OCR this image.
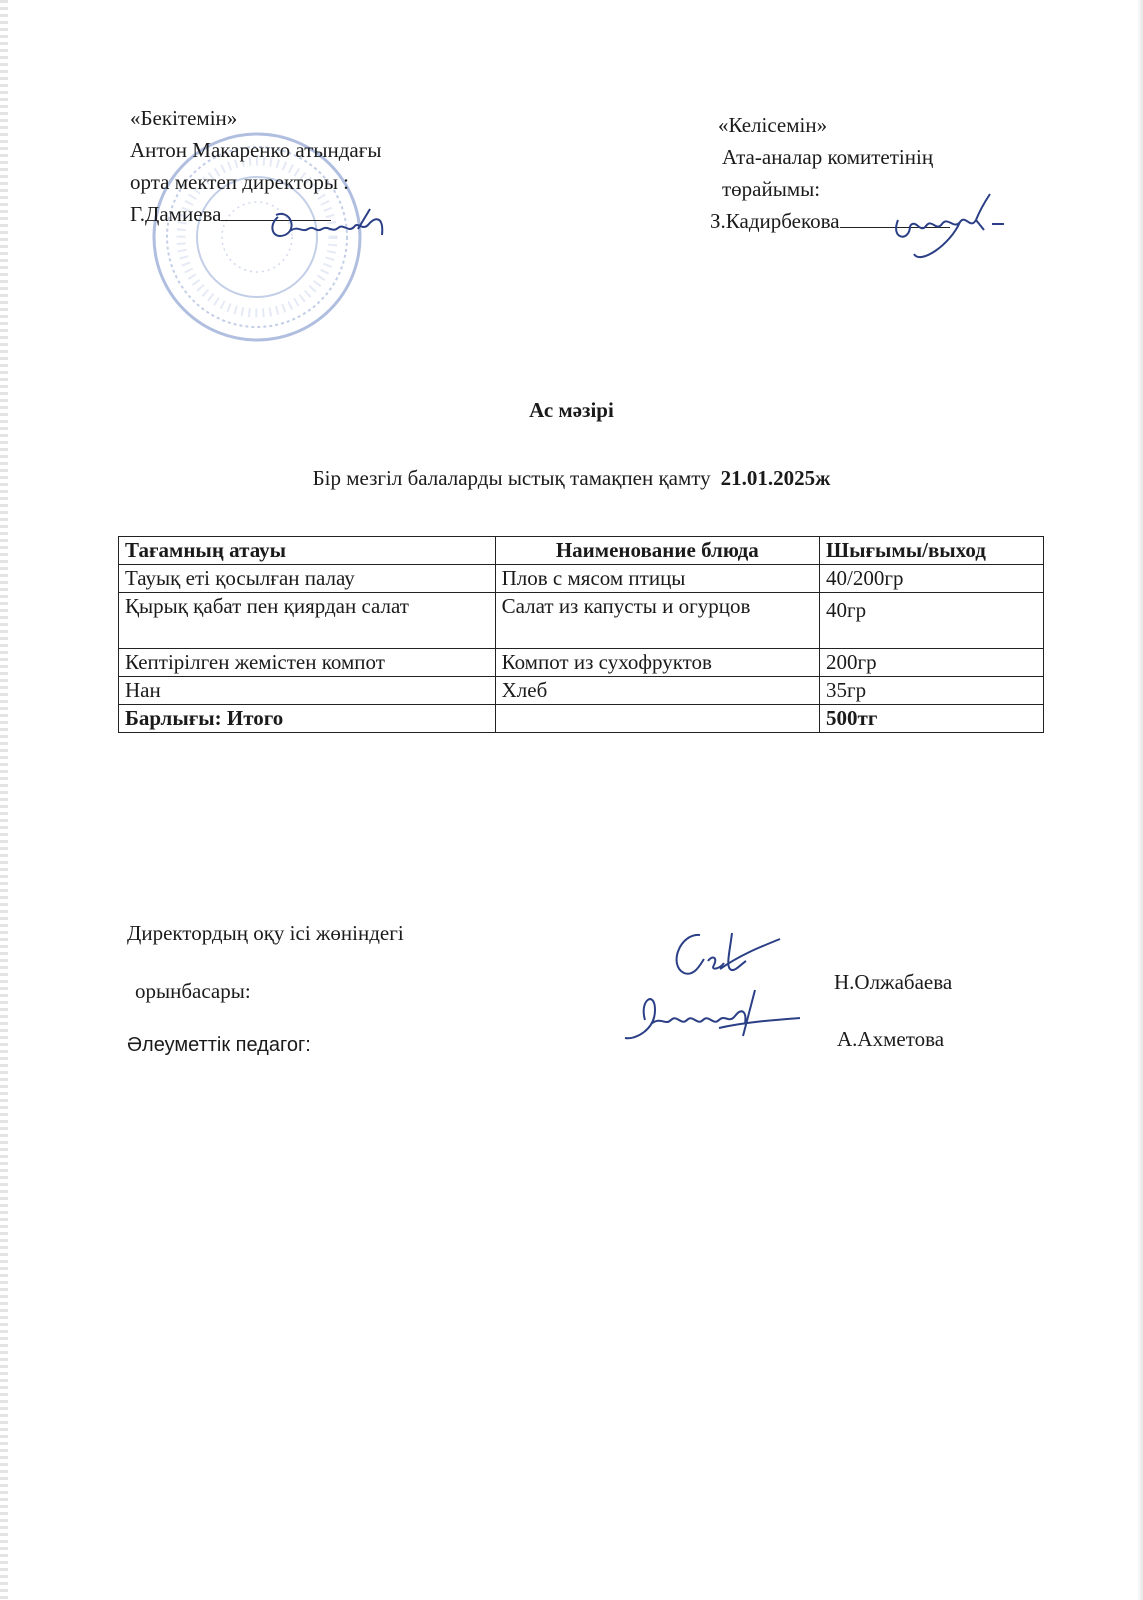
«Бекітемін»
Антон Макаренко атындағы
орта мектеп директоры :
Г.Дамиева
«Келісемін»
Ата-аналар комитетінің
төрайымы:
З.Кадирбекова
Ас мәзірі
Бір мезгіл балаларды ыстық тамақпен қамту 21.01.2025ж
Тағамның атауы	Наименование блюда	Шығымы/выход
Тауық еті қосылған палау	Плов с мясом птицы	40/200гр
Қырық қабат пен қиярдан салат	Салат из капусты и огурцов	40гр
Кептірілген жемістен компот	Компот из сухофруктов	200гр
Нан	Хлеб	35гр
Барлығы: Итого		500тг
Директордың оқу ісі жөніндегі
орынбасары:
Әлеуметтік педагог:
Н.Олжабаева
А.Ахметова
